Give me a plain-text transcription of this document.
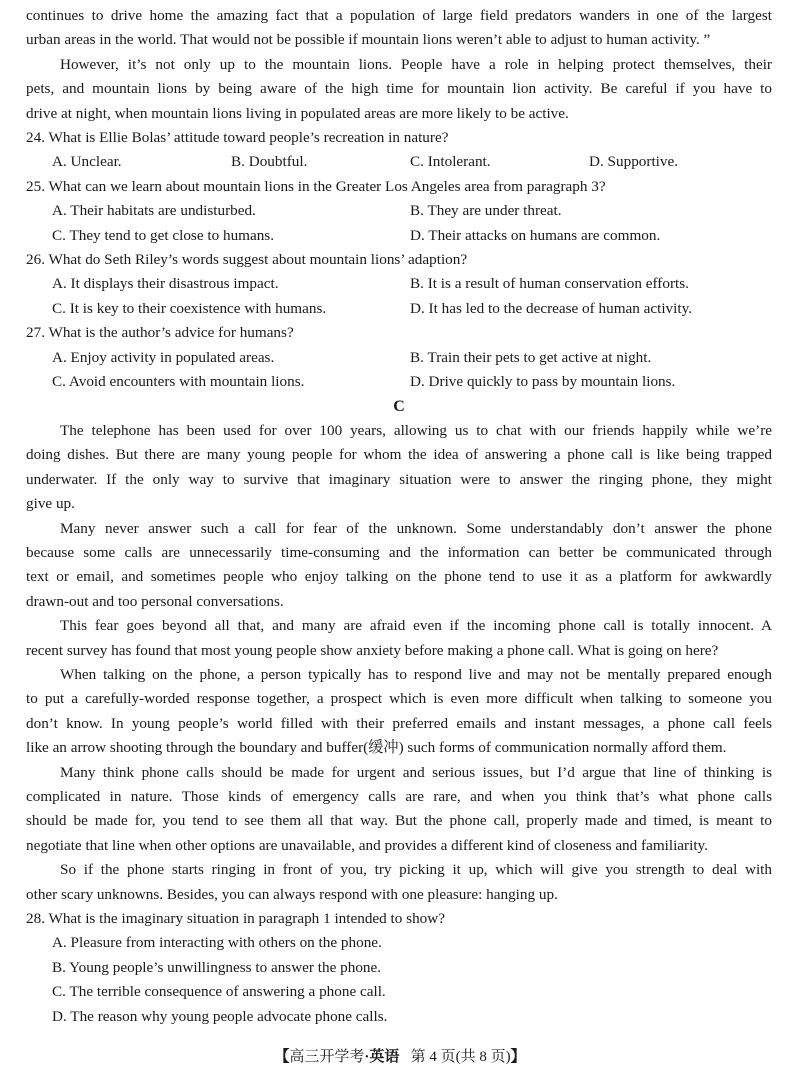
continues to drive home the amazing fact that a population of large field predators wanders in one of the largest
urban areas in the world. That would not be possible if mountain lions weren’t able to adjust to human activity. ”
However, it’s not only up to the mountain lions. People have a role in helping protect themselves, their
pets, and mountain lions by being aware of the high time for mountain lion activity. Be careful if you have to
drive at night, when mountain lions living in populated areas are more likely to be active.
24. What is Ellie Bolas’ attitude toward people’s recreation in nature?
A. Unclear.	B. Doubtful.	C. Intolerant.	D. Supportive.
25. What can we learn about mountain lions in the Greater Los Angeles area from paragraph 3?
A. Their habitats are undisturbed.	B. They are under threat.
C. They tend to get close to humans.	D. Their attacks on humans are common.
26. What do Seth Riley’s words suggest about mountain lions’ adaption?
A. It displays their disastrous impact.	B. It is a result of human conservation efforts.
C. It is key to their coexistence with humans.	D. It has led to the decrease of human activity.
27. What is the author’s advice for humans?
A. Enjoy activity in populated areas.	B. Train their pets to get active at night.
C. Avoid encounters with mountain lions.	D. Drive quickly to pass by mountain lions.
C
The telephone has been used for over 100 years, allowing us to chat with our friends happily while we’re
doing dishes. But there are many young people for whom the idea of answering a phone call is like being trapped
underwater. If the only way to survive that imaginary situation were to answer the ringing phone, they might
give up.
Many never answer such a call for fear of the unknown. Some understandably don’t answer the phone
because some calls are unnecessarily time-consuming and the information can better be communicated through
text or email, and sometimes people who enjoy talking on the phone tend to use it as a platform for awkwardly
drawn-out and too personal conversations.
This fear goes beyond all that, and many are afraid even if the incoming phone call is totally innocent. A
recent survey has found that most young people show anxiety before making a phone call. What is going on here?
When talking on the phone, a person typically has to respond live and may not be mentally prepared enough
to put a carefully-worded response together, a prospect which is even more difficult when talking to someone you
don’t know. In young people’s world filled with their preferred emails and instant messages, a phone call feels
like an arrow shooting through the boundary and buffer(缓冲) such forms of communication normally afford them.
Many think phone calls should be made for urgent and serious issues, but I’d argue that line of thinking is
complicated in nature. Those kinds of emergency calls are rare, and when you think that’s what phone calls
should be made for, you tend to see them all that way. But the phone call, properly made and timed, is meant to
negotiate that line when other options are unavailable, and provides a different kind of closeness and familiarity.
So if the phone starts ringing in front of you, try picking it up, which will give you strength to deal with
other scary unknowns. Besides, you can always respond with one pleasure: hanging up.
28. What is the imaginary situation in paragraph 1 intended to show?
A. Pleasure from interacting with others on the phone.
B. Young people’s unwillingness to answer the phone.
C. The terrible consequence of answering a phone call.
D. The reason why young people advocate phone calls.
【高三开学考·英语 第 4 页(共 8 页)】
